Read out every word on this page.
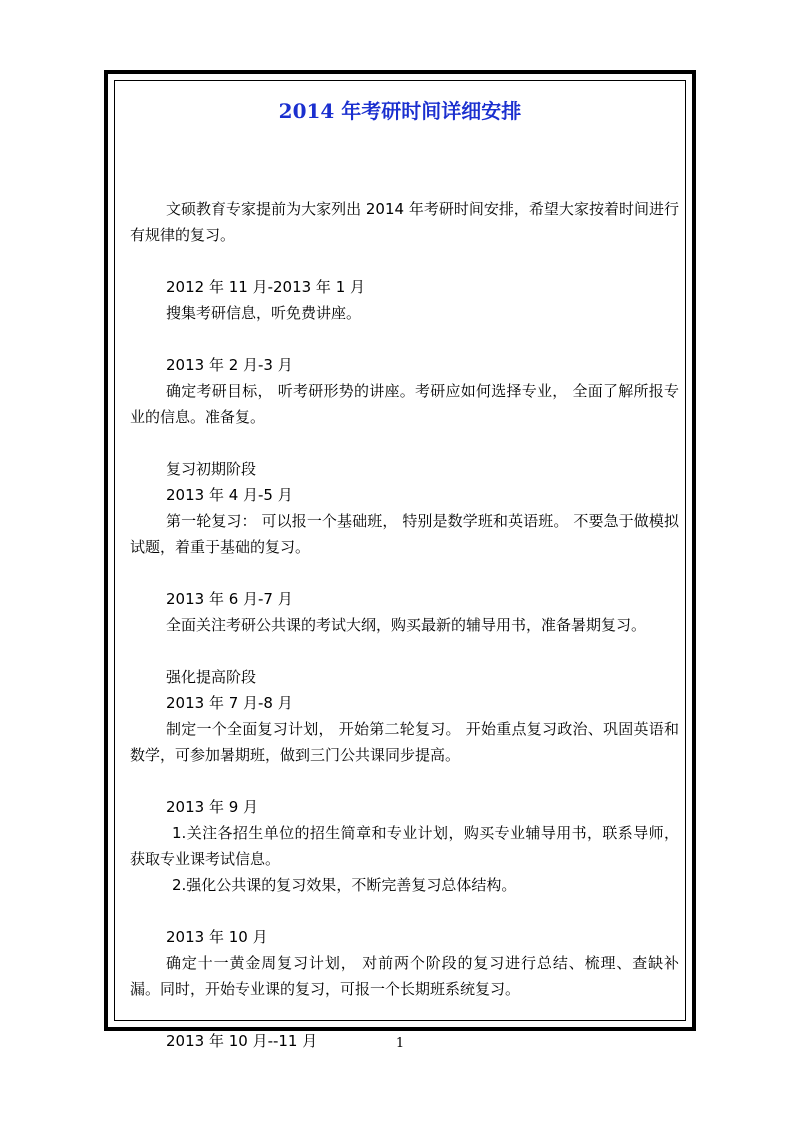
2014 年考研时间详细安排

文硕教育专家提前为大家列出 2014 年考研时间安排，希望大家按着时间进行有规律的复习。

2012 年 11 月-2013 年 1 月

搜集考研信息，听免费讲座。

2013 年 2 月-3 月

确定考研目标， 听考研形势的讲座。考研应如何选择专业， 全面了解所报专业的信息。准备复。

复习初期阶段

2013 年 4 月-5 月

第一轮复习： 可以报一个基础班， 特别是数学班和英语班。 不要急于做模拟试题，着重于基础的复习。

2013 年 6 月-7 月

全面关注考研公共课的考试大纲，购买最新的辅导用书，准备暑期复习。

强化提高阶段

2013 年 7 月-8 月

制定一个全面复习计划， 开始第二轮复习。 开始重点复习政治、巩固英语和数学，可参加暑期班，做到三门公共课同步提高。

2013 年 9 月

1.关注各招生单位的招生简章和专业计划，购买专业辅导用书，联系导师，获取专业课考试信息。

2.强化公共课的复习效果，不断完善复习总体结构。

2013 年 10 月

确定十一黄金周复习计划， 对前两个阶段的复习进行总结、梳理、查缺补漏。同时，开始专业课的复习，可报一个长期班系统复习。

2013 年 10 月--11 月	1
